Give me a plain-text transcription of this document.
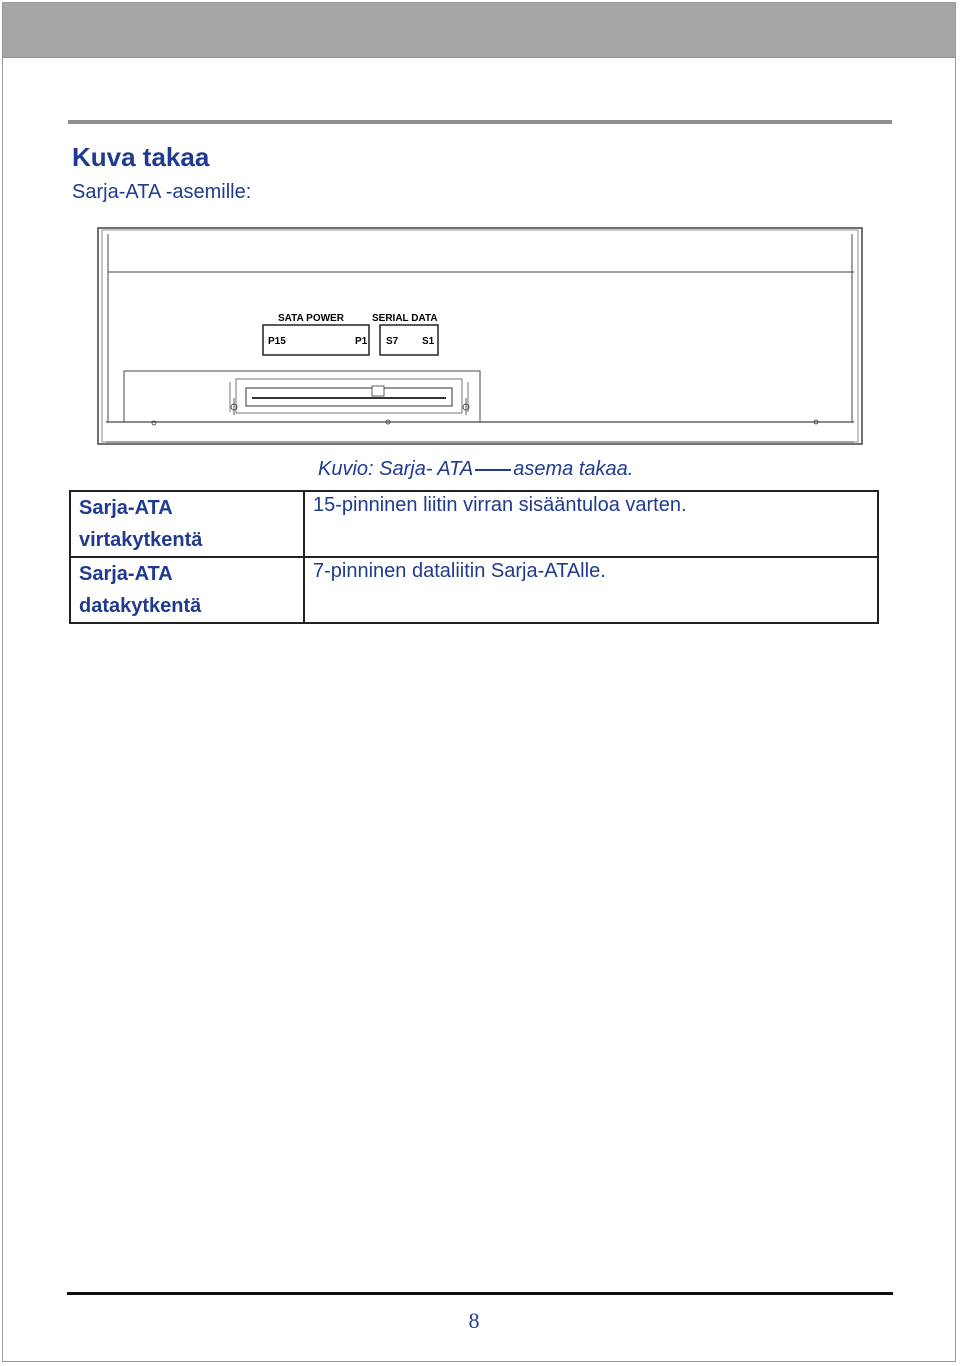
Kuva takaa

Sarja-ATA -asemille:

SATA POWER	SERIAL DATA
P15	P1 S7 S1

Kuvio: Sarja- ATA asema takaa.

Sarja-ATA
virtakytkentä	15-pinninen liitin virran sisääntuloa varten.

Sarja-ATA
datakytkentä	7-pinninen dataliitin Sarja-ATAlle.
8
